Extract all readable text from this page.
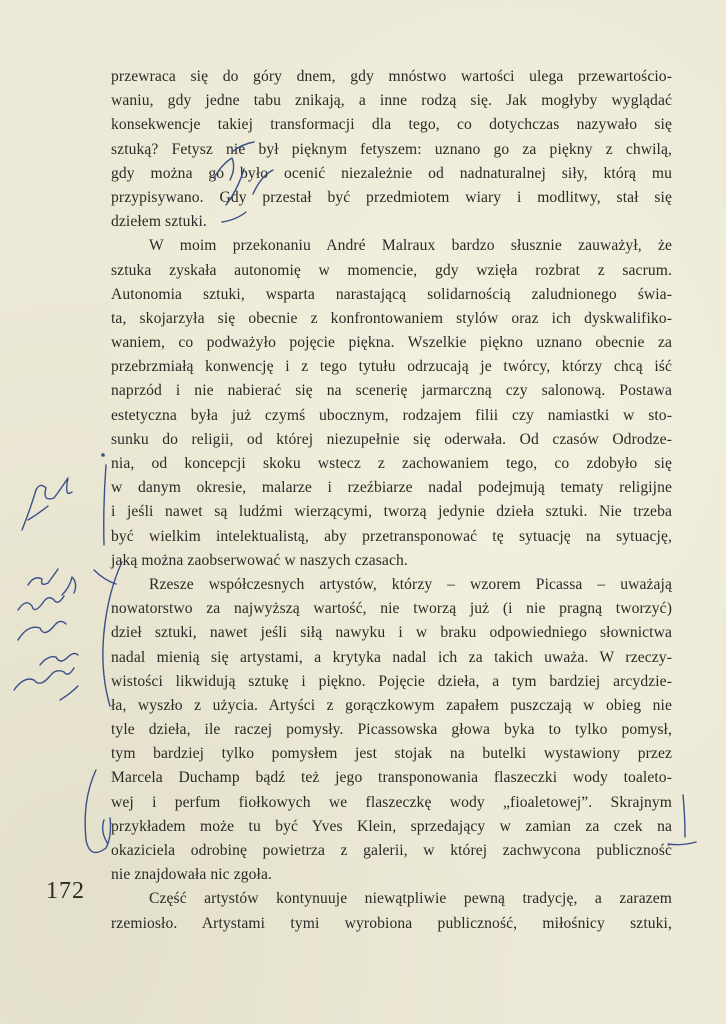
przewraca się do góry dnem, gdy mnóstwo wartości ulega przewartościo-
waniu, gdy jedne tabu znikają, a inne rodzą się. Jak mogłyby wyglądać
konsekwencje takiej transformacji dla tego, co dotychczas nazywało się
sztuką? Fetysz nie był pięknym fetyszem: uznano go za piękny z chwilą,
gdy można go było ocenić niezależnie od nadnaturalnej siły, którą mu
przypisywano. Gdy przestał być przedmiotem wiary i modlitwy, stał się
dziełem sztuki.
W moim przekonaniu André Malraux bardzo słusznie zauważył, że
sztuka zyskała autonomię w momencie, gdy wzięła rozbrat z sacrum.
Autonomia sztuki, wsparta narastającą solidarnością zaludnionego świa-
ta, skojarzyła się obecnie z konfrontowaniem stylów oraz ich dyskwalifiko-
waniem, co podważyło pojęcie piękna. Wszelkie piękno uznano obecnie za
przebrzmiałą konwencję i z tego tytułu odrzucają je twórcy, którzy chcą iść
naprzód i nie nabierać się na scenerię jarmarczną czy salonową. Postawa
estetyczna była już czymś ubocznym, rodzajem filii czy namiastki w sto-
sunku do religii, od której niezupełnie się oderwała. Od czasów Odrodze-
nia, od koncepcji skoku wstecz z zachowaniem tego, co zdobyło się
w danym okresie, malarze i rzeźbiarze nadal podejmują tematy religijne
i jeśli nawet są ludźmi wierzącymi, tworzą jedynie dzieła sztuki. Nie trzeba
być wielkim intelektualistą, aby przetransponować tę sytuację na sytuację,
jaką można zaobserwować w naszych czasach.
Rzesze współczesnych artystów, którzy – wzorem Picassa – uważają
nowatorstwo za najwyższą wartość, nie tworzą już (i nie pragną tworzyć)
dzieł sztuki, nawet jeśli siłą nawyku i w braku odpowiedniego słownictwa
nadal mienią się artystami, a krytyka nadal ich za takich uważa. W rzeczy-
wistości likwidują sztukę i piękno. Pojęcie dzieła, a tym bardziej arcydzie-
ła, wyszło z użycia. Artyści z gorączkowym zapałem puszczają w obieg nie
tyle dzieła, ile raczej pomysły. Picassowska głowa byka to tylko pomysł,
tym bardziej tylko pomysłem jest stojak na butelki wystawiony przez
Marcela Duchamp bądź też jego transponowania flaszeczki wody toaleto-
wej i perfum fiołkowych we flaszeczkę wody „fioaletowej”. Skrajnym
przykładem może tu być Yves Klein, sprzedający w zamian za czek na
okaziciela odrobinę powietrza z galerii, w której zachwycona publiczność
nie znajdowała nic zgoła.
Część artystów kontynuuje niewątpliwie pewną tradycję, a zarazem
rzemiosło. Artystami tymi wyrobiona publiczność, miłośnicy sztuki,
172
